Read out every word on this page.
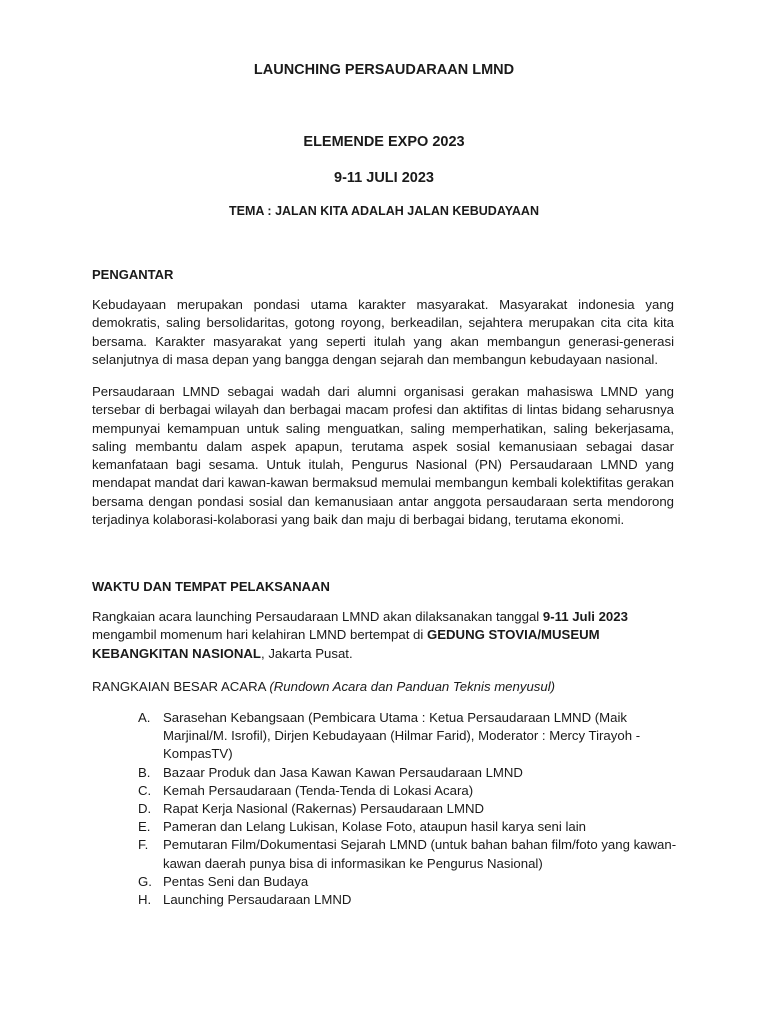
LAUNCHING PERSAUDARAAN LMND

ELEMENDE EXPO 2023

9-11 JULI 2023

TEMA : JALAN KITA ADALAH JALAN KEBUDAYAAN

PENGANTAR

Kebudayaan merupakan pondasi utama karakter masyarakat. Masyarakat indonesia yang demokratis, saling bersolidaritas, gotong royong, berkeadilan, sejahtera merupakan cita cita kita bersama. Karakter masyarakat yang seperti itulah yang akan membangun generasi-generasi selanjutnya di masa depan yang bangga dengan sejarah dan membangun kebudayaan nasional.

Persaudaraan LMND sebagai wadah dari alumni organisasi gerakan mahasiswa LMND yang tersebar di berbagai wilayah dan berbagai macam profesi dan aktifitas di lintas bidang seharusnya mempunyai kemampuan untuk saling menguatkan, saling memperhatikan, saling bekerjasama, saling membantu dalam aspek apapun, terutama aspek sosial kemanusiaan sebagai dasar kemanfataan bagi sesama. Untuk itulah, Pengurus Nasional (PN) Persaudaraan LMND yang mendapat mandat dari kawan-kawan bermaksud memulai membangun kembali kolektifitas gerakan bersama dengan pondasi sosial dan kemanusiaan antar anggota persaudaraan serta mendorong terjadinya kolaborasi-kolaborasi yang baik dan maju di berbagai bidang, terutama ekonomi.

WAKTU DAN TEMPAT PELAKSANAAN

Rangkaian acara launching Persaudaraan LMND akan dilaksanakan tanggal 9-11 Juli 2023 mengambil momenum hari kelahiran LMND bertempat di GEDUNG STOVIA/MUSEUM KEBANGKITAN NASIONAL, Jakarta Pusat.

RANGKAIAN BESAR ACARA (Rundown Acara dan Panduan Teknis menyusul)

A. Sarasehan Kebangsaan (Pembicara Utama : Ketua Persaudaraan LMND (Maik Marjinal/M. Isrofil), Dirjen Kebudayaan (Hilmar Farid), Moderator : Mercy Tirayoh - KompasTV)
B. Bazaar Produk dan Jasa Kawan Kawan Persaudaraan LMND
C. Kemah Persaudaraan (Tenda-Tenda di Lokasi Acara)
D. Rapat Kerja Nasional (Rakernas) Persaudaraan LMND
E. Pameran dan Lelang Lukisan, Kolase Foto, ataupun hasil karya seni lain
F. Pemutaran Film/Dokumentasi Sejarah LMND (untuk bahan bahan film/foto yang kawan-kawan daerah punya bisa di informasikan ke Pengurus Nasional)
G. Pentas Seni dan Budaya
H. Launching Persaudaraan LMND
